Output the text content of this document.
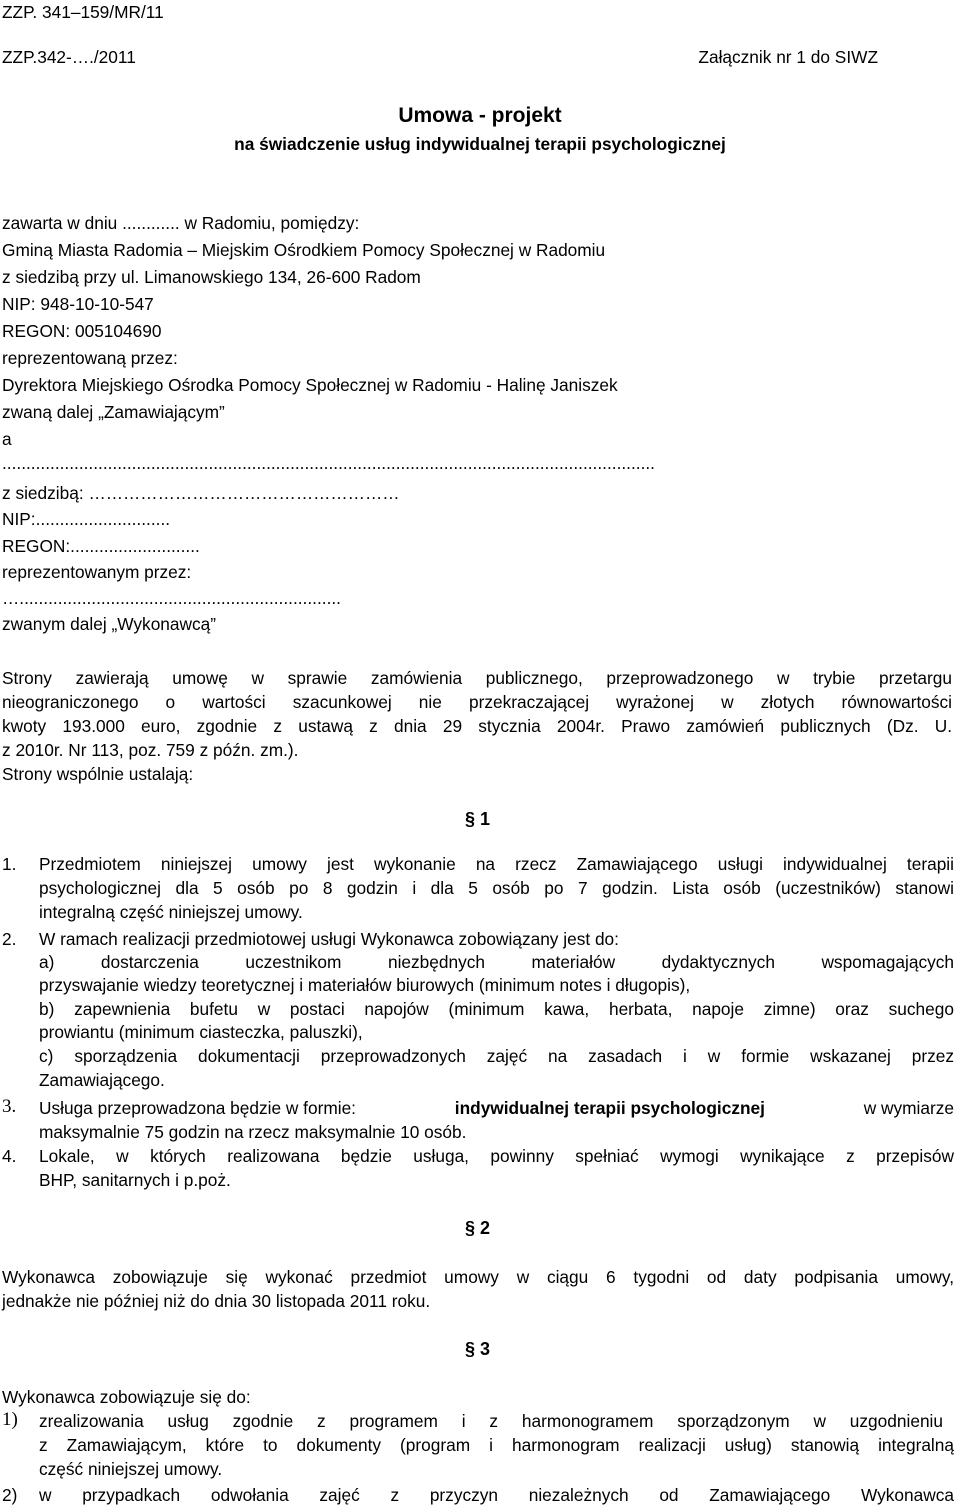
ZZP. 341–159/MR/11
ZZP.342-…./2011	Załącznik nr 1 do SIWZ
Umowa - projekt
na świadczenie usług indywidualnej terapii psychologicznej
zawarta w dniu ............ w Radomiu, pomiędzy:
Gminą Miasta Radomia – Miejskim Ośrodkiem Pomocy Społecznej w Radomiu
z siedzibą przy ul. Limanowskiego 134, 26-600 Radom
NIP: 948-10-10-547
REGON: 005104690
reprezentowaną przez:
Dyrektora Miejskiego Ośrodka Pomocy Społecznej w Radomiu - Halinę Janiszek
zwaną dalej „Zamawiającym”
a
........................................................................................................................................
z siedzibą: ………………………………………………
NIP:............................
REGON:...........................
reprezentowanym przez:
…...................................................................
zwanym dalej „Wykonawcą”
Strony zawierają umowę w sprawie zamówienia publicznego, przeprowadzonego w trybie przetargu
nieograniczonego o wartości szacunkowej nie przekraczającej wyrażonej w złotych równowartości
kwoty 193.000 euro, zgodnie z ustawą z dnia 29 stycznia 2004r. Prawo zamówień publicznych (Dz. U.
z 2010r. Nr 113, poz. 759 z późn. zm.).
Strony wspólnie ustalają:
§ 1
1. Przedmiotem niniejszej umowy jest wykonanie na rzecz Zamawiającego usługi indywidualnej terapii
psychologicznej dla 5 osób po 8 godzin i dla 5 osób po 7 godzin. Lista osób (uczestników) stanowi
integralną część niniejszej umowy.
2. W ramach realizacji przedmiotowej usługi Wykonawca zobowiązany jest do:
a) dostarczenia uczestnikom niezbędnych materiałów dydaktycznych wspomagających
przyswajanie wiedzy teoretycznej i materiałów biurowych (minimum notes i długopis),
b) zapewnienia bufetu w postaci napojów (minimum kawa, herbata, napoje zimne) oraz suchego
prowiantu (minimum ciasteczka, paluszki),
c) sporządzenia dokumentacji przeprowadzonych zajęć na zasadach i w formie wskazanej przez
Zamawiającego.
3. Usługa przeprowadzona będzie w formie:	indywidualnej terapii psychologicznej	w wymiarze
maksymalnie 75 godzin na rzecz maksymalnie 10 osób.
4. Lokale, w których realizowana będzie usługa, powinny spełniać wymogi wynikające z przepisów
BHP, sanitarnych i p.poż.
§ 2
Wykonawca zobowiązuje się wykonać przedmiot umowy w ciągu 6 tygodni od daty podpisania umowy,
jednakże nie później niż do dnia 30 listopada 2011 roku.
§ 3
Wykonawca zobowiązuje się do:
1) zrealizowania usług zgodnie z programem i z harmonogramem sporządzonym w uzgodnieniu
z Zamawiającym, które to dokumenty (program i harmonogram realizacji usług) stanowią integralną
część niniejszej umowy.
2) w przypadkach odwołania zajęć z przyczyn niezależnych od Zamawiającego Wykonawca
